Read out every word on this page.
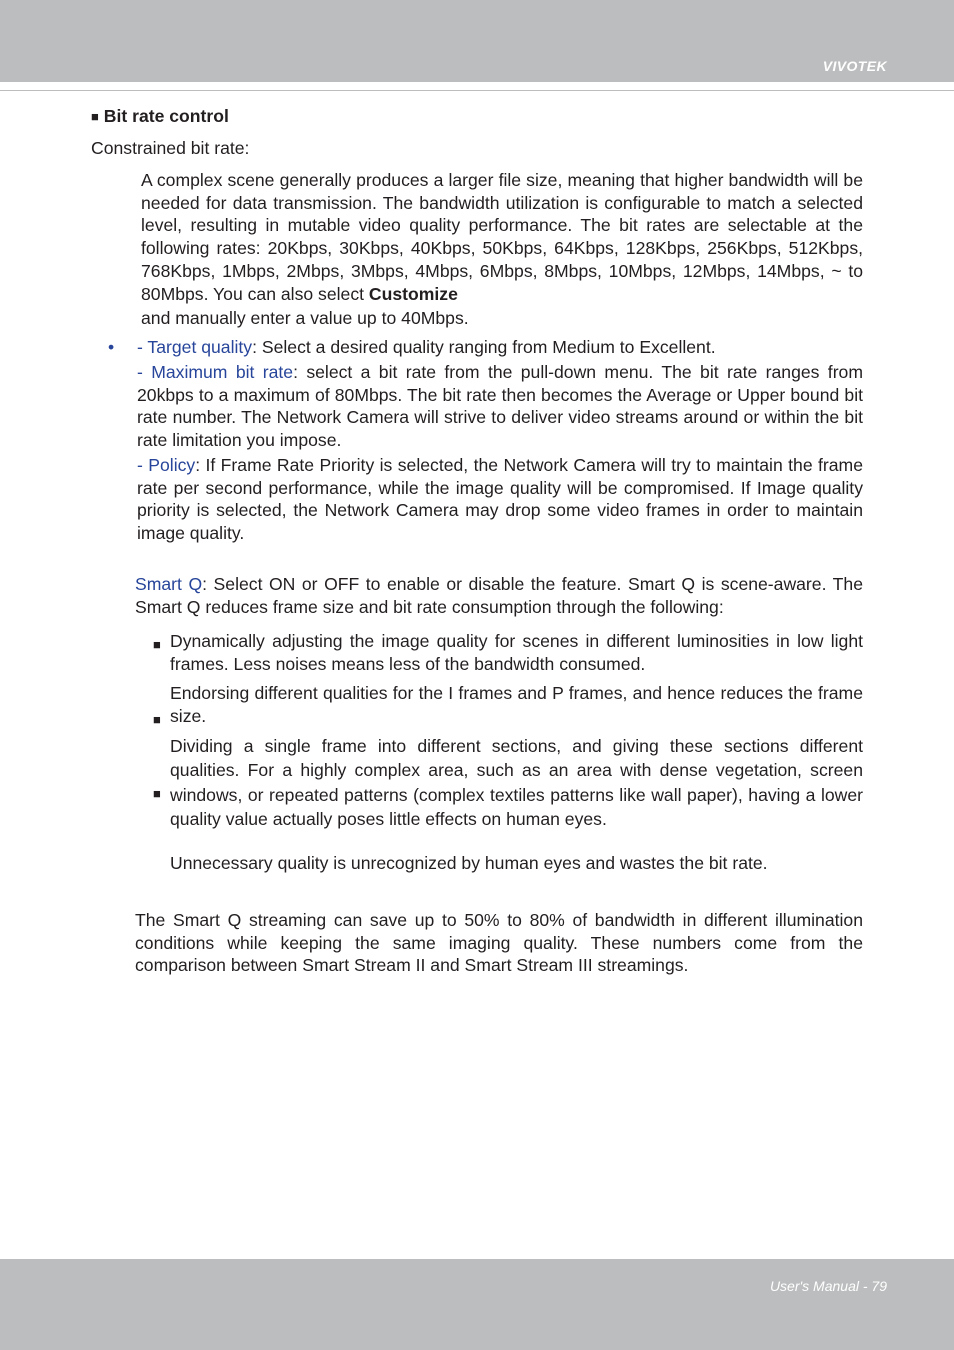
VIVOTEK
■ Bit rate control
Constrained bit rate:
A complex scene generally produces a larger file size, meaning that higher bandwidth will be needed for data transmission. The bandwidth utilization is configurable to match a selected level, resulting in mutable video quality performance. The bit rates are selectable at the following rates: 20Kbps, 30Kbps, 40Kbps, 50Kbps, 64Kbps, 128Kbps, 256Kbps, 512Kbps, 768Kbps, 1Mbps, 2Mbps, 3Mbps, 4Mbps, 6Mbps, 8Mbps, 10Mbps, 12Mbps, 14Mbps, ~ to 80Mbps. You can also select Customize
and manually enter a value up to 40Mbps.
•	- Target quality: Select a desired quality ranging from Medium to Excellent.
- Maximum bit rate: select a bit rate from the pull-down menu. The bit rate ranges from 20kbps to a maximum of 80Mbps. The bit rate then becomes the Average or Upper bound bit rate number. The Network Camera will strive to deliver video streams around or within the bit rate limitation you impose.
- Policy: If Frame Rate Priority is selected, the Network Camera will try to maintain the frame rate per second performance, while the image quality will be compromised. If Image quality priority is selected, the Network Camera may drop some video frames in order to maintain image quality.
Smart Q: Select ON or OFF to enable or disable the feature. Smart Q is scene-aware. The Smart Q reduces frame size and bit rate consumption through the following:
■ Dynamically adjusting the image quality for scenes in different luminosities in low light frames. Less noises means less of the bandwidth consumed.
■
Endorsing different qualities for the I frames and P frames, and hence reduces the frame size.
■
Dividing a single frame into different sections, and giving these sections different qualities. For a highly complex area, such as an area with dense vegetation, screen windows, or repeated patterns (complex textiles patterns like wall paper), having a lower quality value actually poses little effects on human eyes.
Unnecessary quality is unrecognized by human eyes and wastes the bit rate.
The Smart Q streaming can save up to 50% to 80% of bandwidth in different illumination conditions while keeping the same imaging quality. These numbers come from the comparison between Smart Stream II and Smart Stream III streamings.
User's Manual - 79
